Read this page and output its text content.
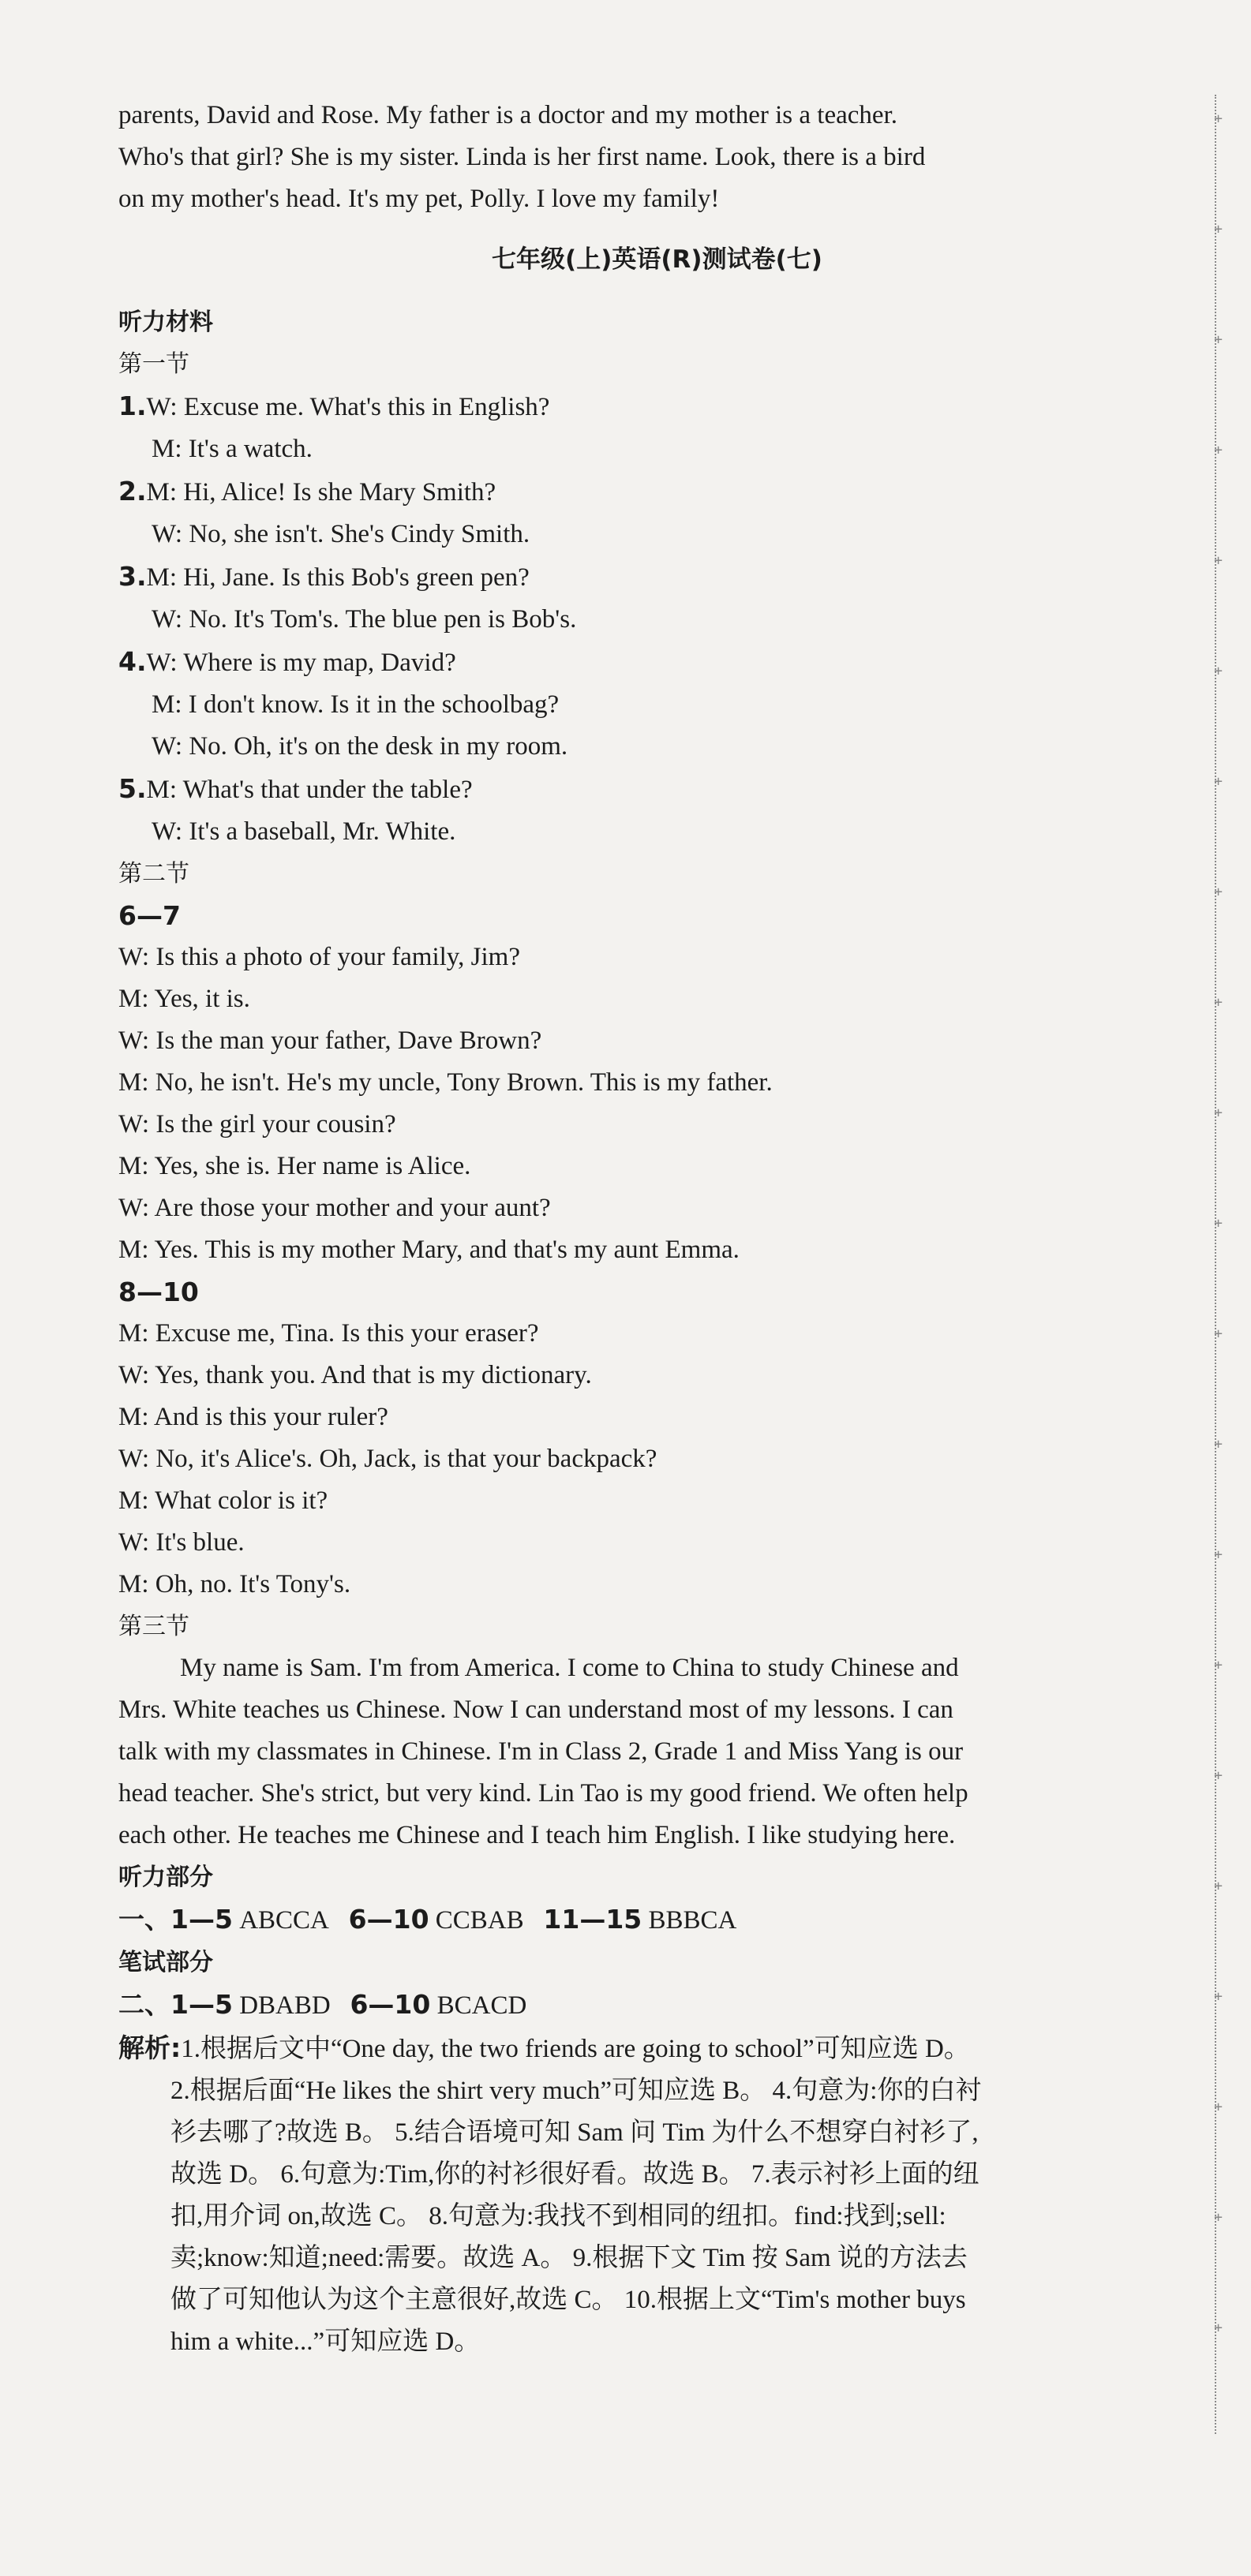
parents, David and Rose. My father is a doctor and my mother is a teacher.

Who's that girl? She is my sister. Linda is her first name. Look, there is a bird

on my mother's head. It's my pet, Polly. I love my family!

七年级(上)英语(R)测试卷(七)

听力材料

第一节

1.W: Excuse me. What's this in English?

M: It's a watch.

2.M: Hi, Alice! Is she Mary Smith?

W: No, she isn't. She's Cindy Smith.

3.M: Hi, Jane. Is this Bob's green pen?

W: No. It's Tom's. The blue pen is Bob's.

4.W: Where is my map, David?

M: I don't know. Is it in the schoolbag?

W: No. Oh, it's on the desk in my room.

5.M: What's that under the table?

W: It's a baseball, Mr. White.

第二节

6—7

W: Is this a photo of your family, Jim?

M: Yes, it is.

W: Is the man your father, Dave Brown?

M: No, he isn't. He's my uncle, Tony Brown. This is my father.

W: Is the girl your cousin?

M: Yes, she is. Her name is Alice.

W: Are those your mother and your aunt?

M: Yes. This is my mother Mary, and that's my aunt Emma.

8—10

M: Excuse me, Tina. Is this your eraser?

W: Yes, thank you. And that is my dictionary.

M: And is this your ruler?

W: No, it's Alice's. Oh, Jack, is that your backpack?

M: What color is it?

W: It's blue.

M: Oh, no. It's Tony's.

第三节

My name is Sam. I'm from America. I come to China to study Chinese and

Mrs. White teaches us Chinese. Now I can understand most of my lessons. I can

talk with my classmates in Chinese. I'm in Class 2, Grade 1 and Miss Yang is our

head teacher. She's strict, but very kind. Lin Tao is my good friend. We often help

each other. He teaches me Chinese and I teach him English. I like studying here.

听力部分

一、1—5 ABCCA 6—10 CCBAB 11—15 BBBCA

笔试部分

二、1—5 DBABD 6—10 BCACD

解析:1.根据后文中“One day, the two friends are going to school”可知应选 D。

2.根据后面“He likes the shirt very much”可知应选 B。 4.句意为:你的白衬

衫去哪了?故选 B。 5.结合语境可知 Sam 问 Tim 为什么不想穿白衬衫了,

故选 D。 6.句意为:Tim,你的衬衫很好看。故选 B。 7.表示衬衫上面的纽

扣,用介词 on,故选 C。 8.句意为:我找不到相同的纽扣。find:找到;sell:

卖;know:知道;need:需要。故选 A。 9.根据下文 Tim 按 Sam 说的方法去

做了可知他认为这个主意很好,故选 C。 10.根据上文“Tim's mother buys

him a white...”可知应选 D。

+
+
+
+
+
+
+
+
+
+
+
+
+
+
+
+
+
+
+
+
+
